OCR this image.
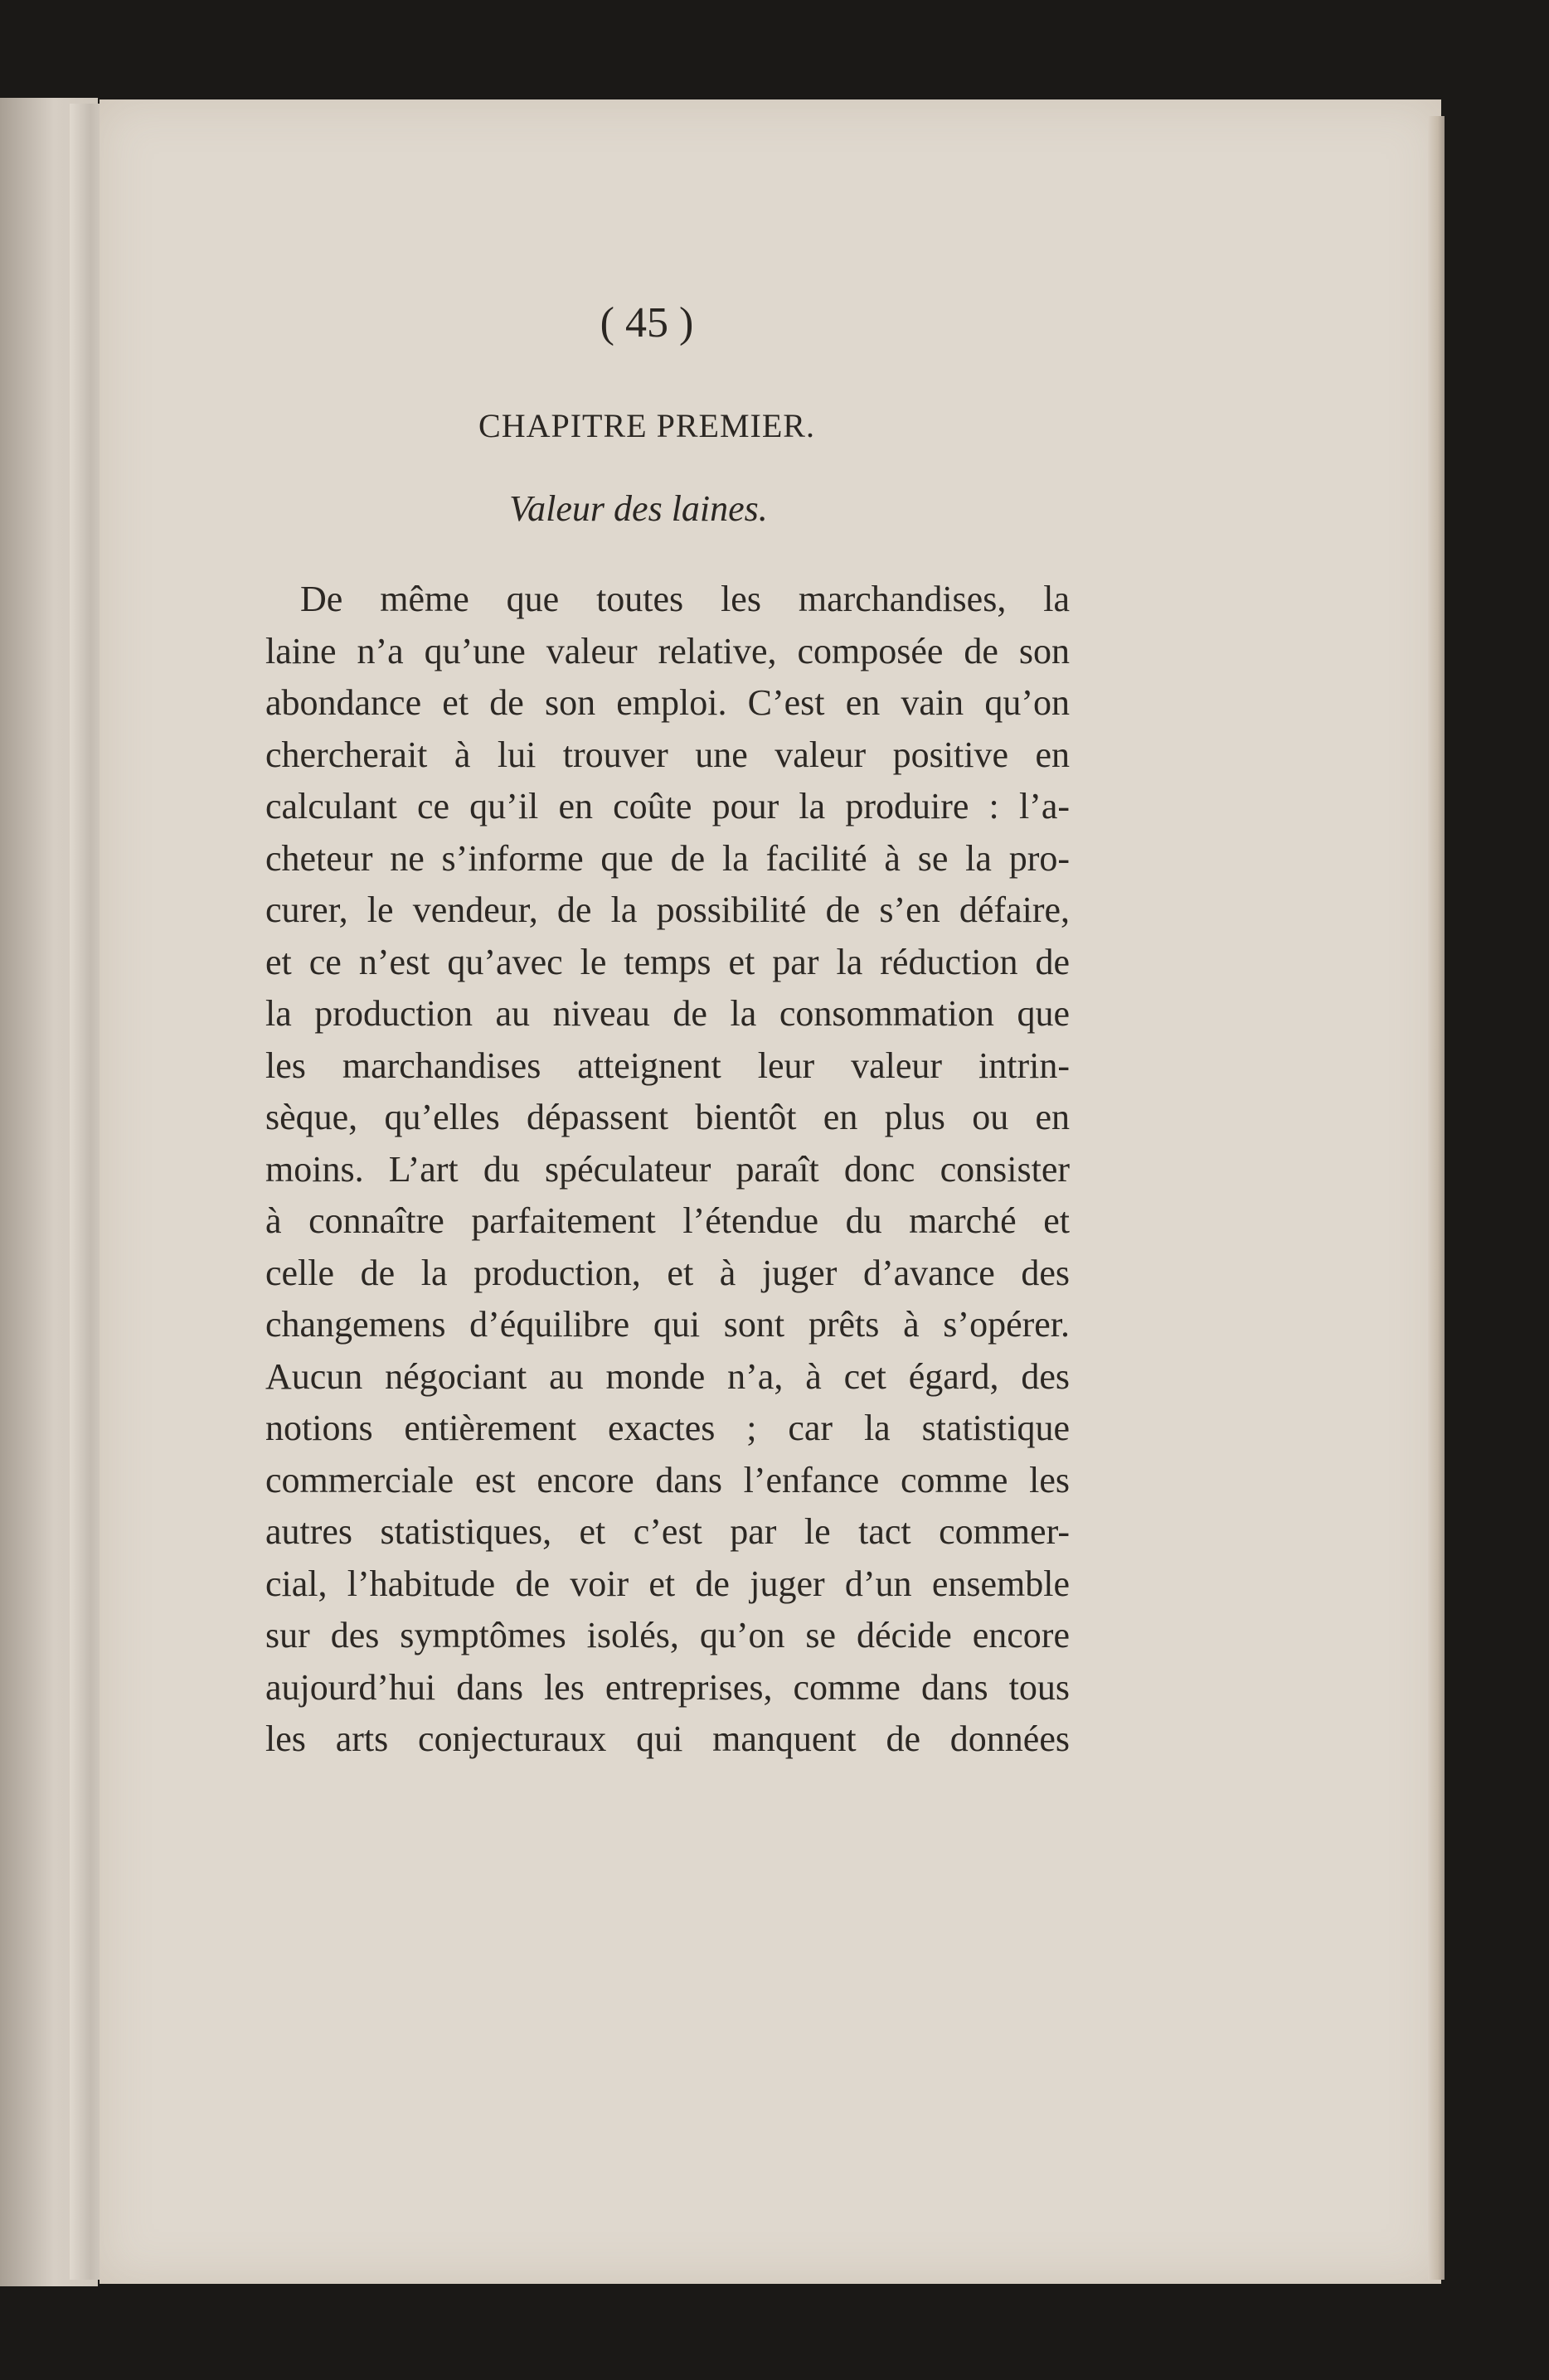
( 45 )
CHAPITRE PREMIER.
Valeur des laines.
De même que toutes les marchandises, la
laine n’a qu’une valeur relative, composée de son
abondance et de son emploi. C’est en vain qu’on
chercherait à lui trouver une valeur positive en
calculant ce qu’il en coûte pour la produire : l’a-
cheteur ne s’informe que de la facilité à se la pro-
curer, le vendeur, de la possibilité de s’en défaire,
et ce n’est qu’avec le temps et par la réduction de
la production au niveau de la consommation que
les marchandises atteignent leur valeur intrin-
sèque, qu’elles dépassent bientôt en plus ou en
moins. L’art du spéculateur paraît donc consister
à connaître parfaitement l’étendue du marché et
celle de la production, et à juger d’avance des
changemens d’équilibre qui sont prêts à s’opérer.
Aucun négociant au monde n’a, à cet égard, des
notions entièrement exactes ; car la statistique
commerciale est encore dans l’enfance comme les
autres statistiques, et c’est par le tact commer-
cial, l’habitude de voir et de juger d’un ensemble
sur des symptômes isolés, qu’on se décide encore
aujourd’hui dans les entreprises, comme dans tous
les arts conjecturaux qui manquent de données
